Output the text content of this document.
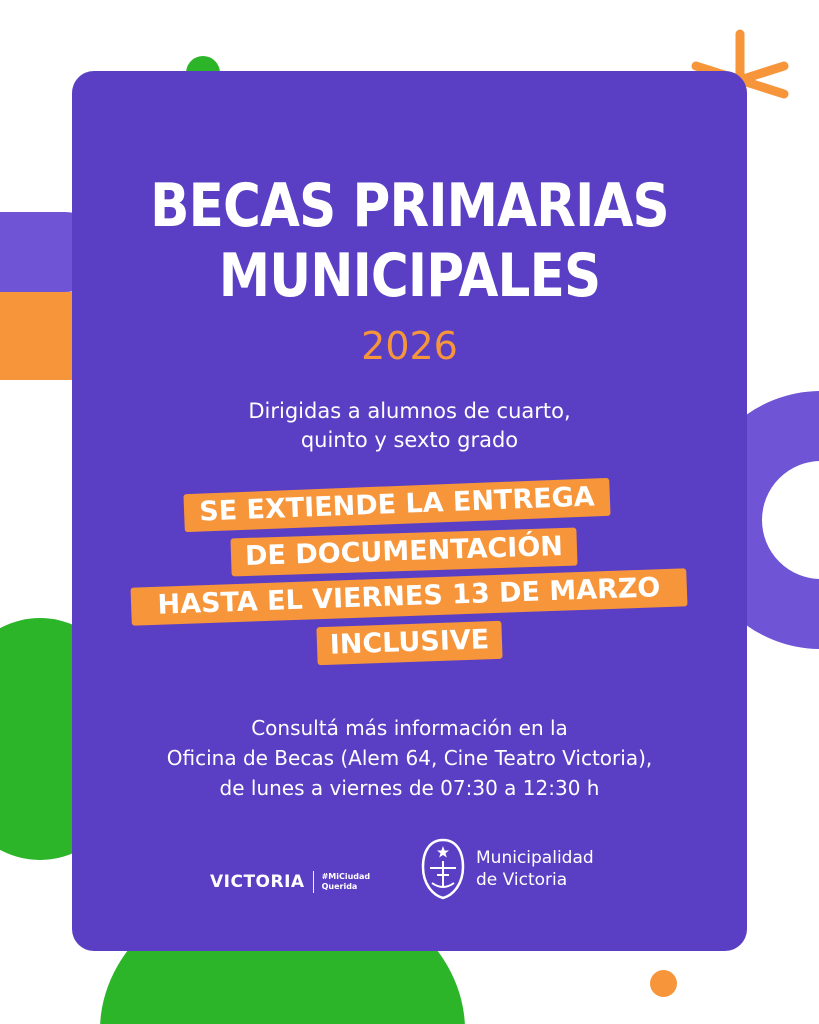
BECAS PRIMARIAS
MUNICIPALES
2026
Dirigidas a alumnos de cuarto,
quinto y sexto grado
SE EXTIENDE LA ENTREGA
DE DOCUMENTACIÓN
HASTA EL VIERNES 13 DE MARZO
INCLUSIVE
Consultá más información en la
Oficina de Becas (Alem 64, Cine Teatro Victoria),
de lunes a viernes de 07:30 a 12:30 h
VICTORIA #MiCiudad
Querida
Municipalidad
de Victoria
